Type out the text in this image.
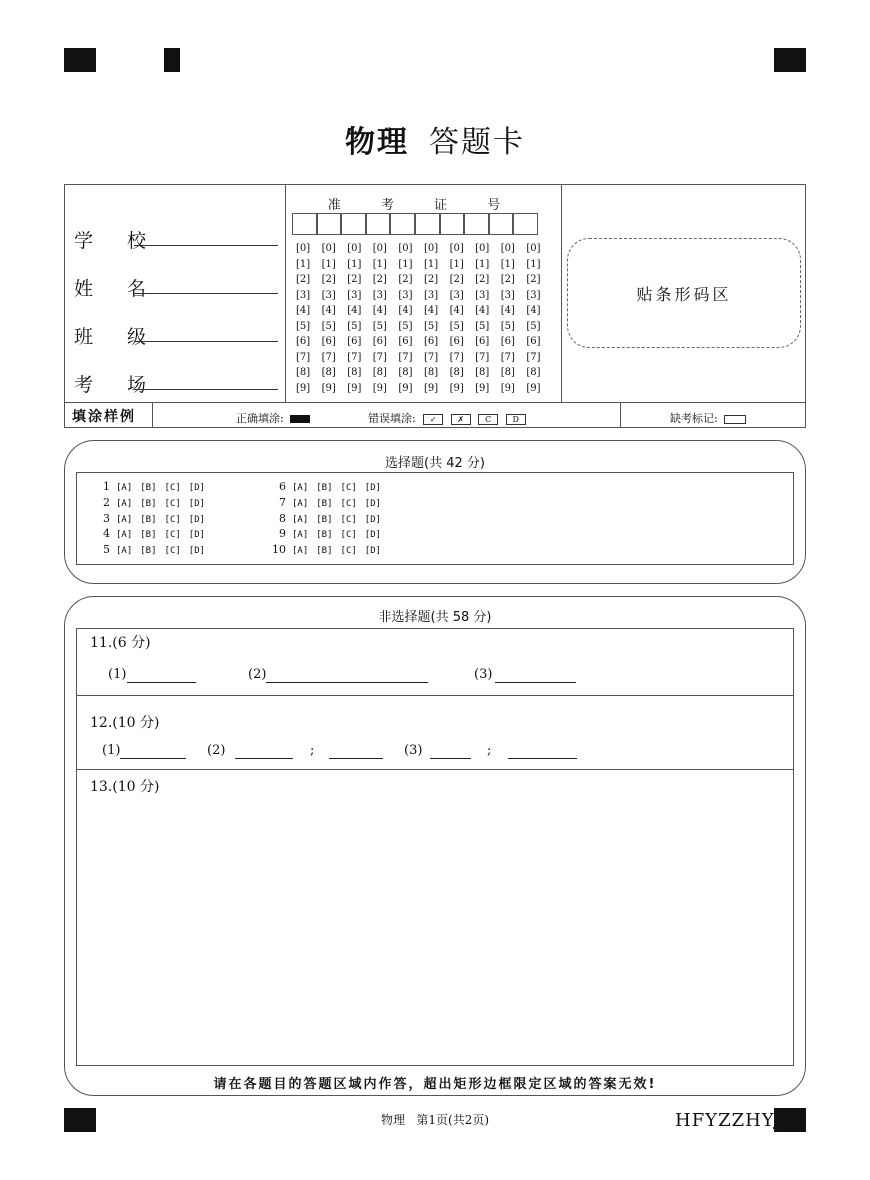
物理 答题卡
学 校
姓 名
班 级
考 场
准 考 证 号
[0]	[0]	[0]	[0]	[0]	[0]	[0]	[0]	[0]	[0]
[1]	[1]	[1]	[1]	[1]	[1]	[1]	[1]	[1]	[1]
[2]	[2]	[2]	[2]	[2]	[2]	[2]	[2]	[2]	[2]
[3]	[3]	[3]	[3]	[3]	[3]	[3]	[3]	[3]	[3]
[4]	[4]	[4]	[4]	[4]	[4]	[4]	[4]	[4]	[4]
[5]	[5]	[5]	[5]	[5]	[5]	[5]	[5]	[5]	[5]
[6]	[6]	[6]	[6]	[6]	[6]	[6]	[6]	[6]	[6]
[7]	[7]	[7]	[7]	[7]	[7]	[7]	[7]	[7]	[7]
[8]	[8]	[8]	[8]	[8]	[8]	[8]	[8]	[8]	[8]
[9]	[9]	[9]	[9]	[9]	[9]	[9]	[9]	[9]	[9]
贴条形码区
填涂样例	正确填涂:	错误填涂: ✓	✗	C	D	缺考标记:
选择题(共 42 分)
1 [A] [B] [C] [D]
2 [A] [B] [C] [D]
3 [A] [B] [C] [D]
4 [A] [B] [C] [D]
5 [A] [B] [C] [D]
6 [A] [B] [C] [D]
7 [A] [B] [C] [D]
8 [A] [B] [C] [D]
9 [A] [B] [C] [D]
10 [A] [B] [C] [D]
非选择题(共 58 分)
11.(6 分)
(1)	(2)	(3)
12.(10 分)
(1)	(2)	;	(3)	;
13.(10 分)
请在各题目的答题区域内作答，超出矩形边框限定区域的答案无效!
物理   第1页(共2页)	HFYZZHYJ
